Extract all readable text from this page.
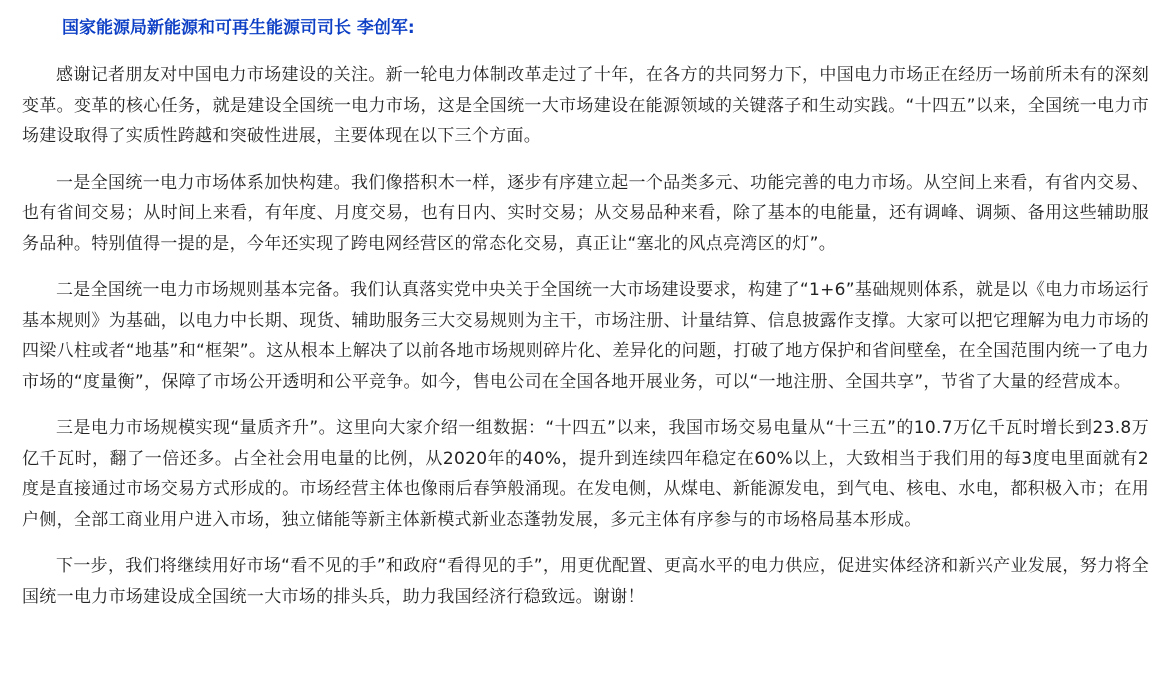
国家能源局新能源和可再生能源司司长 李创军:

感谢记者朋友对中国电力市场建设的关注。新一轮电力体制改革走过了十年，在各方的共同努力下，中国电力市场正在经历一场前所未有的深刻变革。变革的核心任务，就是建设全国统一电力市场，这是全国统一大市场建设在能源领域的关键落子和生动实践。“十四五”以来，全国统一电力市场建设取得了实质性跨越和突破性进展，主要体现在以下三个方面。

一是全国统一电力市场体系加快构建。我们像搭积木一样，逐步有序建立起一个品类多元、功能完善的电力市场。从空间上来看，有省内交易、也有省间交易；从时间上来看，有年度、月度交易，也有日内、实时交易；从交易品种来看，除了基本的电能量，还有调峰、调频、备用这些辅助服务品种。特别值得一提的是，今年还实现了跨电网经营区的常态化交易，真正让“塞北的风点亮湾区的灯”。

二是全国统一电力市场规则基本完备。我们认真落实党中央关于全国统一大市场建设要求，构建了“1+6”基础规则体系，就是以《电力市场运行基本规则》为基础，以电力中长期、现货、辅助服务三大交易规则为主干，市场注册、计量结算、信息披露作支撑。大家可以把它理解为电力市场的四梁八柱或者“地基”和“框架”。这从根本上解决了以前各地市场规则碎片化、差异化的问题，打破了地方保护和省间壁垒，在全国范围内统一了电力市场的“度量衡”，保障了市场公开透明和公平竞争。如今，售电公司在全国各地开展业务，可以“一地注册、全国共享”，节省了大量的经营成本。

三是电力市场规模实现“量质齐升”。这里向大家介绍一组数据：“十四五”以来，我国市场交易电量从“十三五”的10.7万亿千瓦时增长到23.8万亿千瓦时，翻了一倍还多。占全社会用电量的比例，从2020年的40%，提升到连续四年稳定在60%以上，大致相当于我们用的每3度电里面就有2度是直接通过市场交易方式形成的。市场经营主体也像雨后春笋般涌现。在发电侧，从煤电、新能源发电，到气电、核电、水电，都积极入市；在用户侧，全部工商业用户进入市场，独立储能等新主体新模式新业态蓬勃发展，多元主体有序参与的市场格局基本形成。

下一步，我们将继续用好市场“看不见的手”和政府“看得见的手”，用更优配置、更高水平的电力供应，促进实体经济和新兴产业发展，努力将全国统一电力市场建设成全国统一大市场的排头兵，助力我国经济行稳致远。谢谢！
